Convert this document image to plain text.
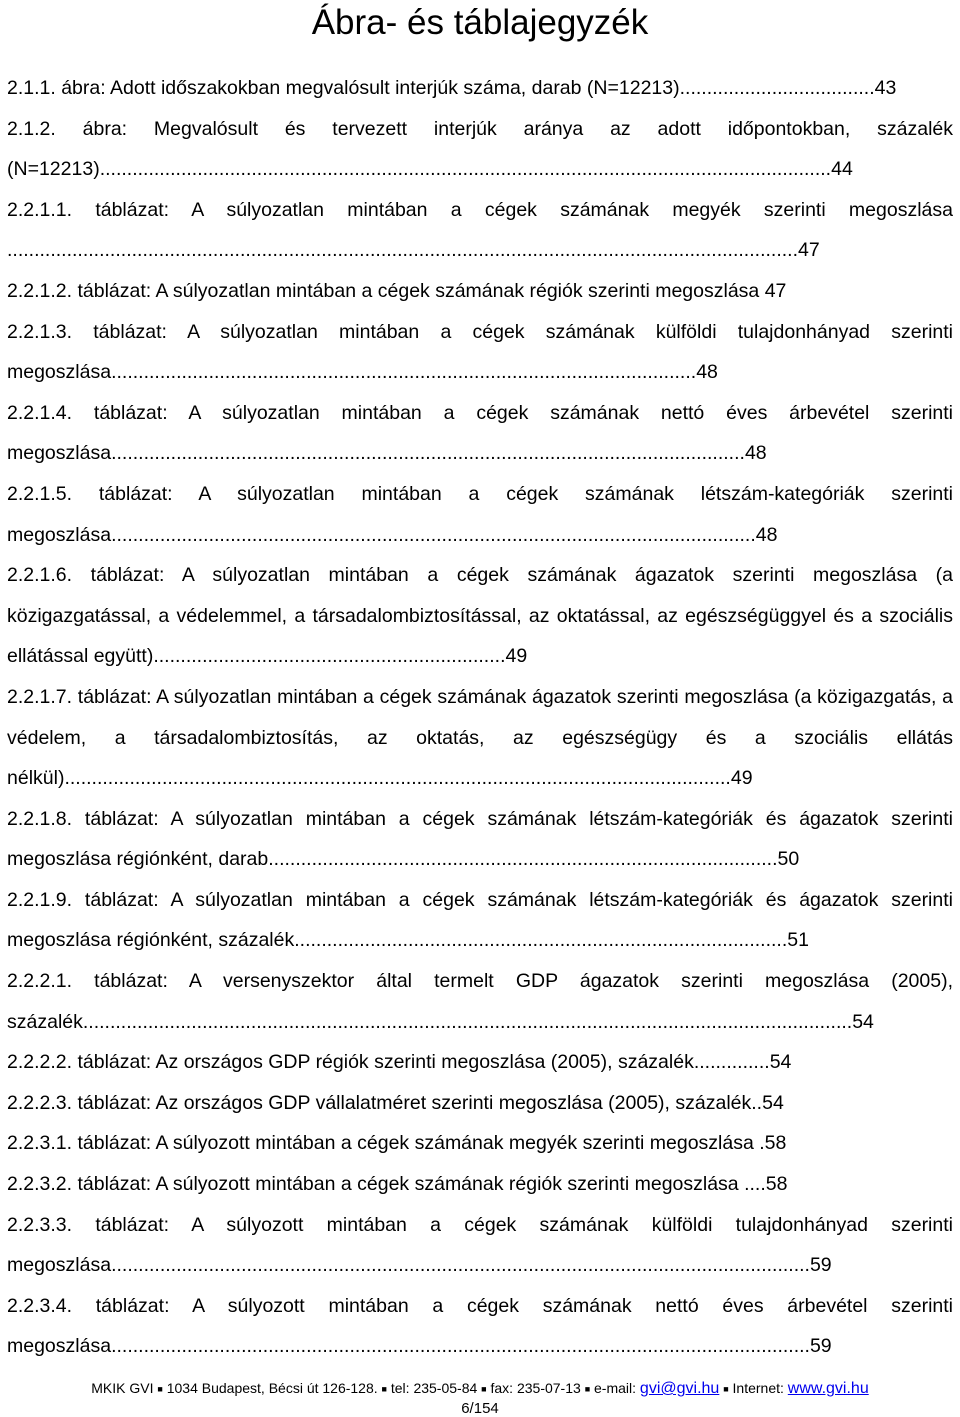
Ábra- és táblajegyzék
2.1.1. ábra: Adott időszakokban megvalósult interjúk száma, darab (N=12213)....................................43
2.1.2. ábra: Megvalósult és tervezett interjúk aránya az adott időpontokban, százalék (N=12213).......................................................................................................................................44
2.2.1.1. táblázat: A súlyozatlan mintában a cégek számának megyék szerinti megoszlása ..................................................................................................................................................47
2.2.1.2. táblázat: A súlyozatlan mintában a cégek számának régiók szerinti megoszlása 47
2.2.1.3. táblázat: A súlyozatlan mintában a cégek számának külföldi tulajdonhányad szerinti megoszlása............................................................................................................48
2.2.1.4. táblázat: A súlyozatlan mintában a cégek számának nettó éves árbevétel szerinti megoszlása.....................................................................................................................48
2.2.1.5. táblázat: A súlyozatlan mintában a cégek számának létszám-kategóriák szerinti megoszlása.......................................................................................................................48
2.2.1.6. táblázat: A súlyozatlan mintában a cégek számának ágazatok szerinti megoszlása (a közigazgatással, a védelemmel, a társadalombiztosítással, az oktatással, az egészségüggyel és a szociális ellátással együtt).................................................................49
2.2.1.7. táblázat: A súlyozatlan mintában a cégek számának ágazatok szerinti megoszlása (a közigazgatás, a védelem, a társadalombiztosítás, az oktatás, az egészségügy és a szociális ellátás nélkül)...........................................................................................................................49
2.2.1.8. táblázat: A súlyozatlan mintában a cégek számának létszám-kategóriák és ágazatok szerinti megoszlása régiónként, darab..............................................................................................50
2.2.1.9. táblázat: A súlyozatlan mintában a cégek számának létszám-kategóriák és ágazatok szerinti megoszlása régiónként, százalék...........................................................................................51
2.2.2.1. táblázat: A versenyszektor által termelt GDP ágazatok szerinti megoszlása (2005), százalék..............................................................................................................................................54
2.2.2.2. táblázat: Az országos GDP régiók szerinti megoszlása (2005), százalék..............54
2.2.2.3. táblázat: Az országos GDP vállalatméret szerinti megoszlása (2005), százalék..54
2.2.3.1. táblázat: A súlyozott mintában a cégek számának megyék szerinti megoszlása .58
2.2.3.2. táblázat: A súlyozott mintában a cégek számának régiók szerinti megoszlása ....58
2.2.3.3. táblázat: A súlyozott mintában a cégek számának külföldi tulajdonhányad szerinti megoszlása.................................................................................................................................59
2.2.3.4. táblázat: A súlyozott mintában a cégek számának nettó éves árbevétel szerinti megoszlása.................................................................................................................................59
MKIK GVI ■ 1034 Budapest, Bécsi út 126-128. ■ tel: 235-05-84 ■ fax: 235-07-13 ■ e-mail: gvi@gvi.hu ■ Internet: www.gvi.hu
6/154
